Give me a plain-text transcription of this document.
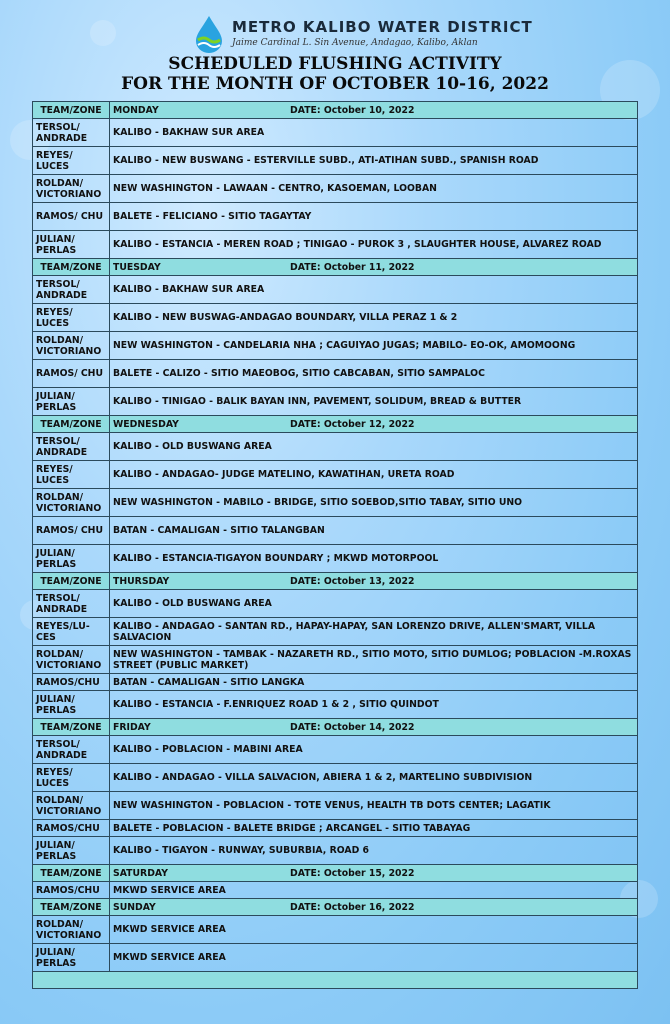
METRO KALIBO WATER DISTRICT
Jaime Cardinal L. Sin Avenue, Andagao, Kalibo, Aklan
SCHEDULED FLUSHING ACTIVITY
FOR THE MONTH OF OCTOBER 10-16, 2022
TEAM/ZONE	MONDAY DATE: October 10, 2022

TERSOL/ ANDRADE	KALIBO - BAKHAW SUR AREA
REYES/ LUCES	KALIBO - NEW BUSWANG - ESTERVILLE SUBD., ATI-ATIHAN SUBD., SPANISH ROAD
ROLDAN/ VICTORIANO	NEW WASHINGTON - LAWAAN - CENTRO, KASOEMAN, LOOBAN
RAMOS/ CHU	BALETE - FELICIANO - SITIO TAGAYTAY
JULIAN/ PERLAS	KALIBO - ESTANCIA - MEREN ROAD ; TINIGAO - PUROK 3 , SLAUGHTER HOUSE, ALVAREZ ROAD
TEAM/ZONE	TUESDAY DATE: October 11, 2022

TERSOL/ ANDRADE	KALIBO - BAKHAW SUR AREA
REYES/ LUCES	KALIBO - NEW BUSWAG-ANDAGAO BOUNDARY, VILLA PERAZ 1 & 2
ROLDAN/ VICTORIANO	NEW WASHINGTON - CANDELARIA NHA ; CAGUIYAO JUGAS; MABILO- EO-OK, AMOMOONG
RAMOS/ CHU	BALETE - CALIZO - SITIO MAEOBOG, SITIO CABCABAN, SITIO SAMPALOC
JULIAN/ PERLAS	KALIBO - TINIGAO - BALIK BAYAN INN, PAVEMENT, SOLIDUM, BREAD & BUTTER
TEAM/ZONE	WEDNESDAY DATE: October 12, 2022

TERSOL/ ANDRADE	KALIBO - OLD BUSWANG AREA
REYES/ LUCES	KALIBO - ANDAGAO- JUDGE MATELINO, KAWATIHAN, URETA ROAD
ROLDAN/ VICTORIANO	NEW WASHINGTON - MABILO - BRIDGE, SITIO SOEBOD,SITIO TABAY, SITIO UNO
RAMOS/ CHU	BATAN - CAMALIGAN - SITIO TALANGBAN
JULIAN/ PERLAS	KALIBO - ESTANCIA-TIGAYON BOUNDARY ; MKWD MOTORPOOL
TEAM/ZONE	THURSDAY DATE: October 13, 2022

TERSOL/ ANDRADE	KALIBO - OLD BUSWANG AREA
REYES/LU- CES	KALIBO - ANDAGAO - SANTAN RD., HAPAY-HAPAY, SAN LORENZO DRIVE, ALLEN'SMART, VILLA SALVACION
ROLDAN/ VICTORIANO	NEW WASHINGTON - TAMBAK - NAZARETH RD., SITIO MOTO, SITIO DUMLOG; POBLACION -M.ROXAS STREET (PUBLIC MARKET)
RAMOS/CHU	BATAN - CAMALIGAN - SITIO LANGKA
JULIAN/ PERLAS	KALIBO - ESTANCIA - F.ENRIQUEZ ROAD 1 & 2 , SITIO QUINDOT
TEAM/ZONE	FRIDAY DATE: October 14, 2022

TERSOL/ ANDRADE	KALIBO - POBLACION - MABINI AREA
REYES/ LUCES	KALIBO - ANDAGAO - VILLA SALVACION, ABIERA 1 & 2, MARTELINO SUBDIVISION
ROLDAN/ VICTORIANO	NEW WASHINGTON - POBLACION - TOTE VENUS, HEALTH TB DOTS CENTER; LAGATIK
RAMOS/CHU	BALETE - POBLACION - BALETE BRIDGE ; ARCANGEL - SITIO TABAYAG
JULIAN/ PERLAS	KALIBO - TIGAYON - RUNWAY, SUBURBIA, ROAD 6
TEAM/ZONE	SATURDAY DATE: October 15, 2022

RAMOS/CHU	MKWD SERVICE AREA
TEAM/ZONE	SUNDAY DATE: October 16, 2022

ROLDAN/ VICTORIANO	MKWD SERVICE AREA
JULIAN/ PERLAS	MKWD SERVICE AREA
